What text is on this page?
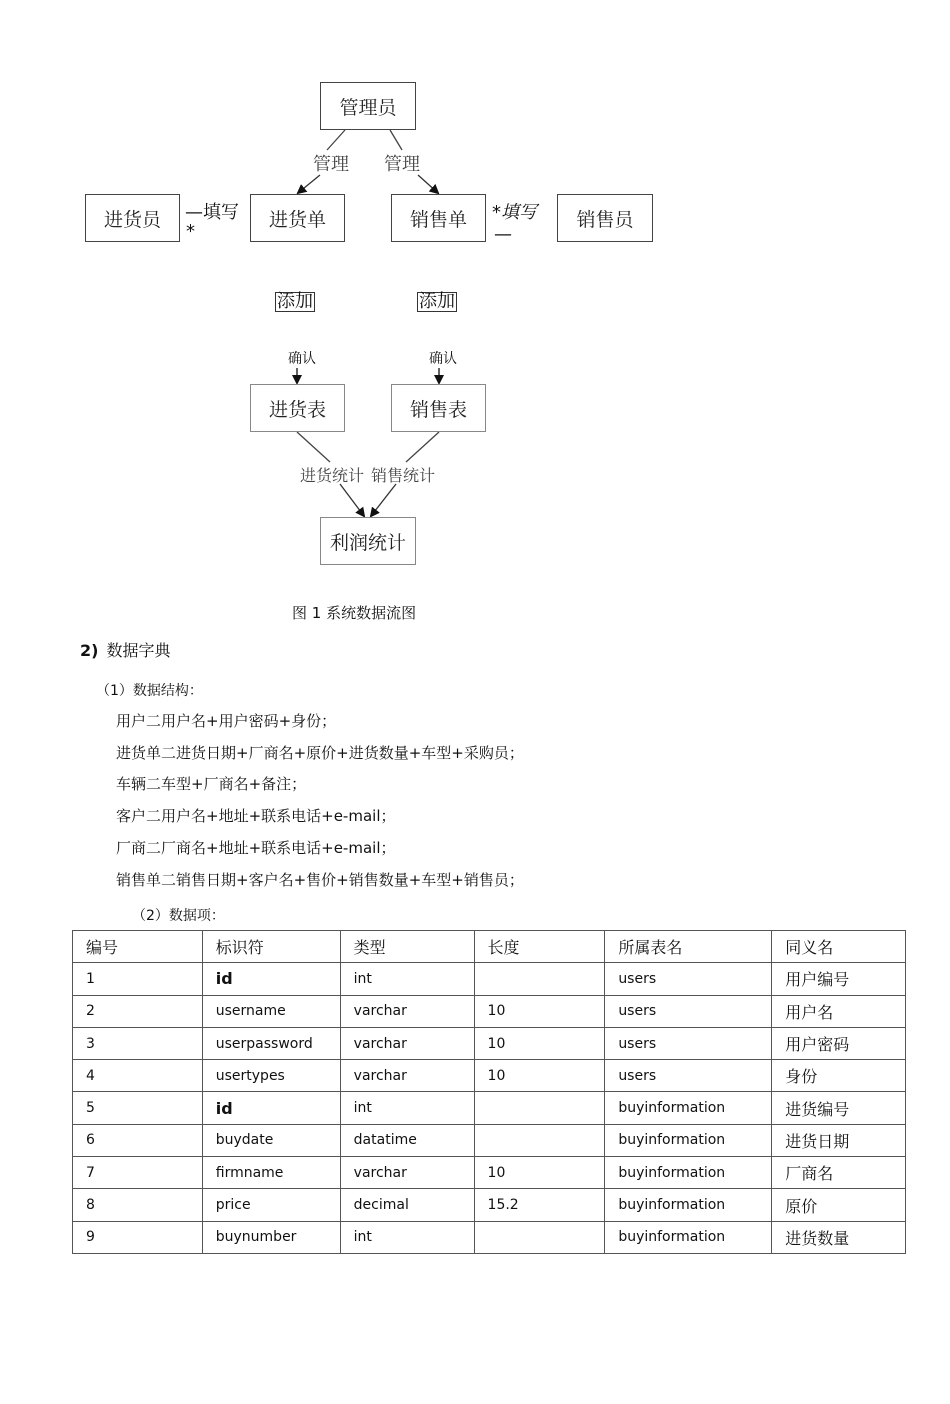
管理员
管理 管理
进货员 —填写
*
进货单	销售单 *填写
—
销售员
添加	添加
确认	确认
进货表	销售表
进货统计 销售统计
利润统计
图 1 系统数据流图
2) 数据字典
（1）数据结构：
用户二用户名+用户密码+身份；
进货单二进货日期+厂商名+原价+进货数量+车型+采购员；
车辆二车型+厂商名+备注；
客户二用户名+地址+联系电话+e-mail；
厂商二厂商名+地址+联系电话+e-mail；
销售单二销售日期+客户名+售价+销售数量+车型+销售员；
（2）数据项：
编号	标识符	类型	长度	所属表名	同义名
1	id	int		users	用户编号
2	username	varchar	10	users	用户名
3	userpassword	varchar	10	users	用户密码
4	usertypes	varchar	10	users	身份
5	id	int		buyinformation	进货编号
6	buydate	datatime		buyinformation	进货日期
7	firmname	varchar	10	buyinformation	厂商名
8	price	decimal	15.2	buyinformation	原价
9	buynumber	int		buyinformation	进货数量
